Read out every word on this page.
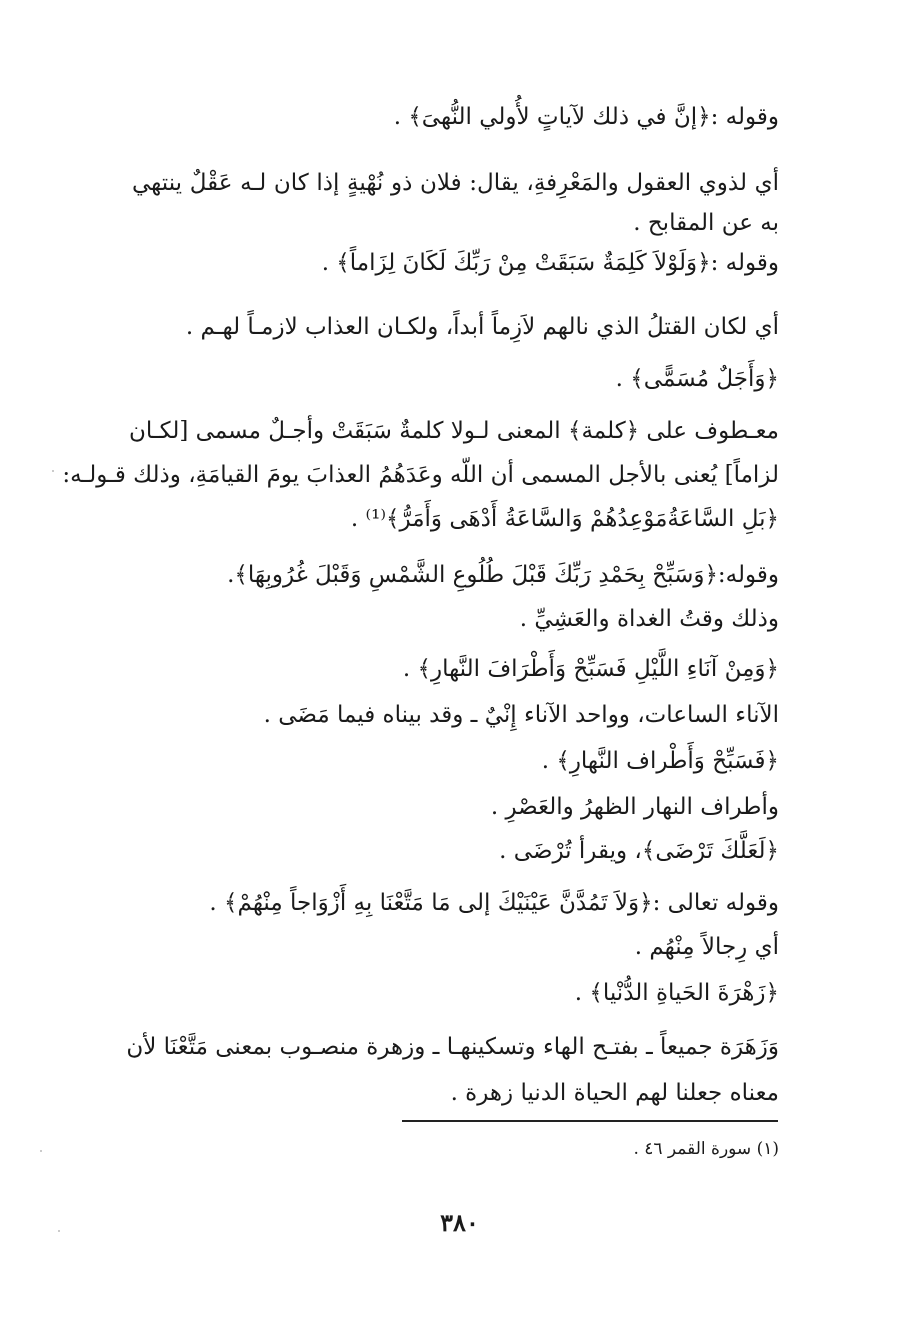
وقوله :﴿إنَّ في ذلك لآياتٍ لأُولي النُّهىَ﴾ .
أي لذوي العقول والمَعْرِفةِ، يقال: فلان ذو نُهْيةٍ إذا كان لـه عَقْلٌ ينتهي
به عن المقابح .
وقوله :﴿وَلَوْلاَ كَلِمَةٌ سَبَقَتْ مِنْ رَبِّكَ لَكَانَ لِزَاماً﴾ .
أي لكان القتلُ الذي نالهم لاَزِماً أبداً، ولكـان العذاب لازمـاً لهـم .
﴿وَأَجَلٌ مُسَمًّى﴾ .
معـطوف على ﴿كلمة﴾ المعنى لـولا كلمةٌ سَبَقَتْ وأجـلٌ مسمى [لكـان
لزاماً] يُعنى بالأجل المسمى أن اللّه وعَدَهُمُ العذابَ يومَ القيامَةِ، وذلك قـولـه:
﴿بَلِ السَّاعَةُمَوْعِدُهُمْ وَالسَّاعَةُ أَدْهَى وَأَمَرُّ﴾⁽¹⁾ .
وقوله:﴿وَسَبِّحْ بِحَمْدِ رَبِّكَ قَبْلَ طُلُوعِ الشَّمْسِ وَقَبْلَ غُرُوبِهَا﴾.
وذلك وقتُ الغداة والعَشِيِّ .
﴿وَمِنْ آنَاءِ اللَّيْلِ فَسَبِّحْ وَأَطْرَافَ النَّهارِ﴾ .
الآناء الساعات، وواحد الآناء إِنْيٌ ـ وقد بيناه فيما مَضَى .
﴿فَسَبِّحْ وَأَطْراف النَّهارِ﴾ .
وأطراف النهار الظهرُ والعَصْرِ .
﴿لَعَلَّكَ تَرْضَى﴾، ويقرأ تُرْضَى .
وقوله تعالى :﴿وَلاَ تَمُدَّنَّ عَيْنَيْكَ إلى مَا مَتَّعْنَا بِهِ أَزْوَاجاً مِنْهُمْ﴾ .
أي رِجالاً مِنْهُم .
﴿زَهْرَةَ الحَياةِ الدُّنْيا﴾ .
وَزَهَرَة جميعاً ـ بفتـح الهاء وتسكينهـا ـ وزهرة منصـوب بمعنى مَتَّعْنَا لأن
معناه جعلنا لهم الحياة الدنيا زهرة .
(١) سورة القمر ٤٦ .
٣٨٠
